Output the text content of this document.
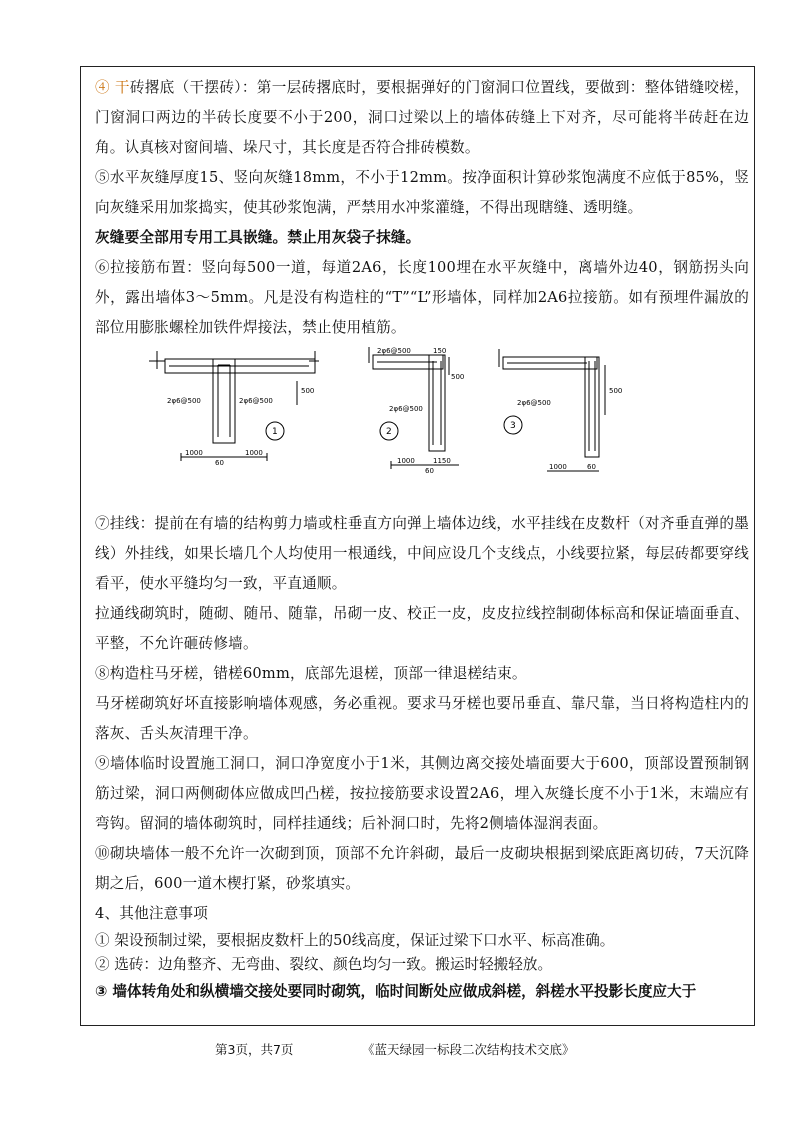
④ 干砖撂底（干摆砖）：第一层砖撂底时，要根据弹好的门窗洞口位置线，要做到：整体错缝咬槎，门窗洞口两边的半砖长度要不小于200，洞口过梁以上的墙体砖缝上下对齐，尽可能将半砖赶在边角。认真核对窗间墙、垛尺寸，其长度是否符合排砖模数。

⑤水平灰缝厚度15、竖向灰缝18mm，不小于12mm。按净面积计算砂浆饱满度不应低于85%，竖向灰缝采用加浆捣实，使其砂浆饱满，严禁用水冲浆灌缝，不得出现瞎缝、透明缝。

灰缝要全部用专用工具嵌缝。禁止用灰袋子抹缝。

⑥拉接筋布置：竖向每500一道，每道2A6，长度100埋在水平灰缝中，离墙外边40，钢筋拐头向外，露出墙体3～5mm。凡是没有构造柱的“T”“L”形墙体，同样加2A6拉接筋。如有预埋件漏放的部位用膨胀螺栓加铁件焊接法，禁止使用植筋。

2φ6@500	2φ6@500
500
1000	1000
60
1
2φ6@500	150
2φ6@500
500
1000	1150
60
2
2φ6@500
500
1000	60
3

⑦挂线：提前在有墙的结构剪力墙或柱垂直方向弹上墙体边线，水平挂线在皮数杆（对齐垂直弹的墨线）外挂线，如果长墙几个人均使用一根通线，中间应设几个支线点，小线要拉紧，每层砖都要穿线看平，使水平缝均匀一致，平直通顺。

拉通线砌筑时，随砌、随吊、随靠，吊砌一皮、校正一皮，皮皮拉线控制砌体标高和保证墙面垂直、平整，不允许砸砖修墙。

⑧构造柱马牙槎，错槎60mm，底部先退槎，顶部一律退槎结束。

马牙槎砌筑好坏直接影响墙体观感，务必重视。要求马牙槎也要吊垂直、靠尺靠，当日将构造柱内的落灰、舌头灰清理干净。

⑨墙体临时设置施工洞口，洞口净宽度小于1米，其侧边离交接处墙面要大于600，顶部设置预制钢筋过梁，洞口两侧砌体应做成凹凸槎，按拉接筋要求设置2A6，埋入灰缝长度不小于1米，末端应有弯钩。留洞的墙体砌筑时，同样挂通线；后补洞口时，先将2侧墙体湿润表面。

⑩砌块墙体一般不允许一次砌到顶，顶部不允许斜砌，最后一皮砌块根据到梁底距离切砖，7天沉降期之后，600一道木楔打紧，砂浆填实。

4、其他注意事项

① 架设预制过梁，要根据皮数杆上的50线高度，保证过梁下口水平、标高准确。

② 选砖：边角整齐、无弯曲、裂纹、颜色均匀一致。搬运时轻搬轻放。

③ 墙体转角处和纵横墙交接处要同时砌筑，临时间断处应做成斜槎，斜槎水平投影长度应大于

第3页，共7页	《蓝天绿园一标段二次结构技术交底》
